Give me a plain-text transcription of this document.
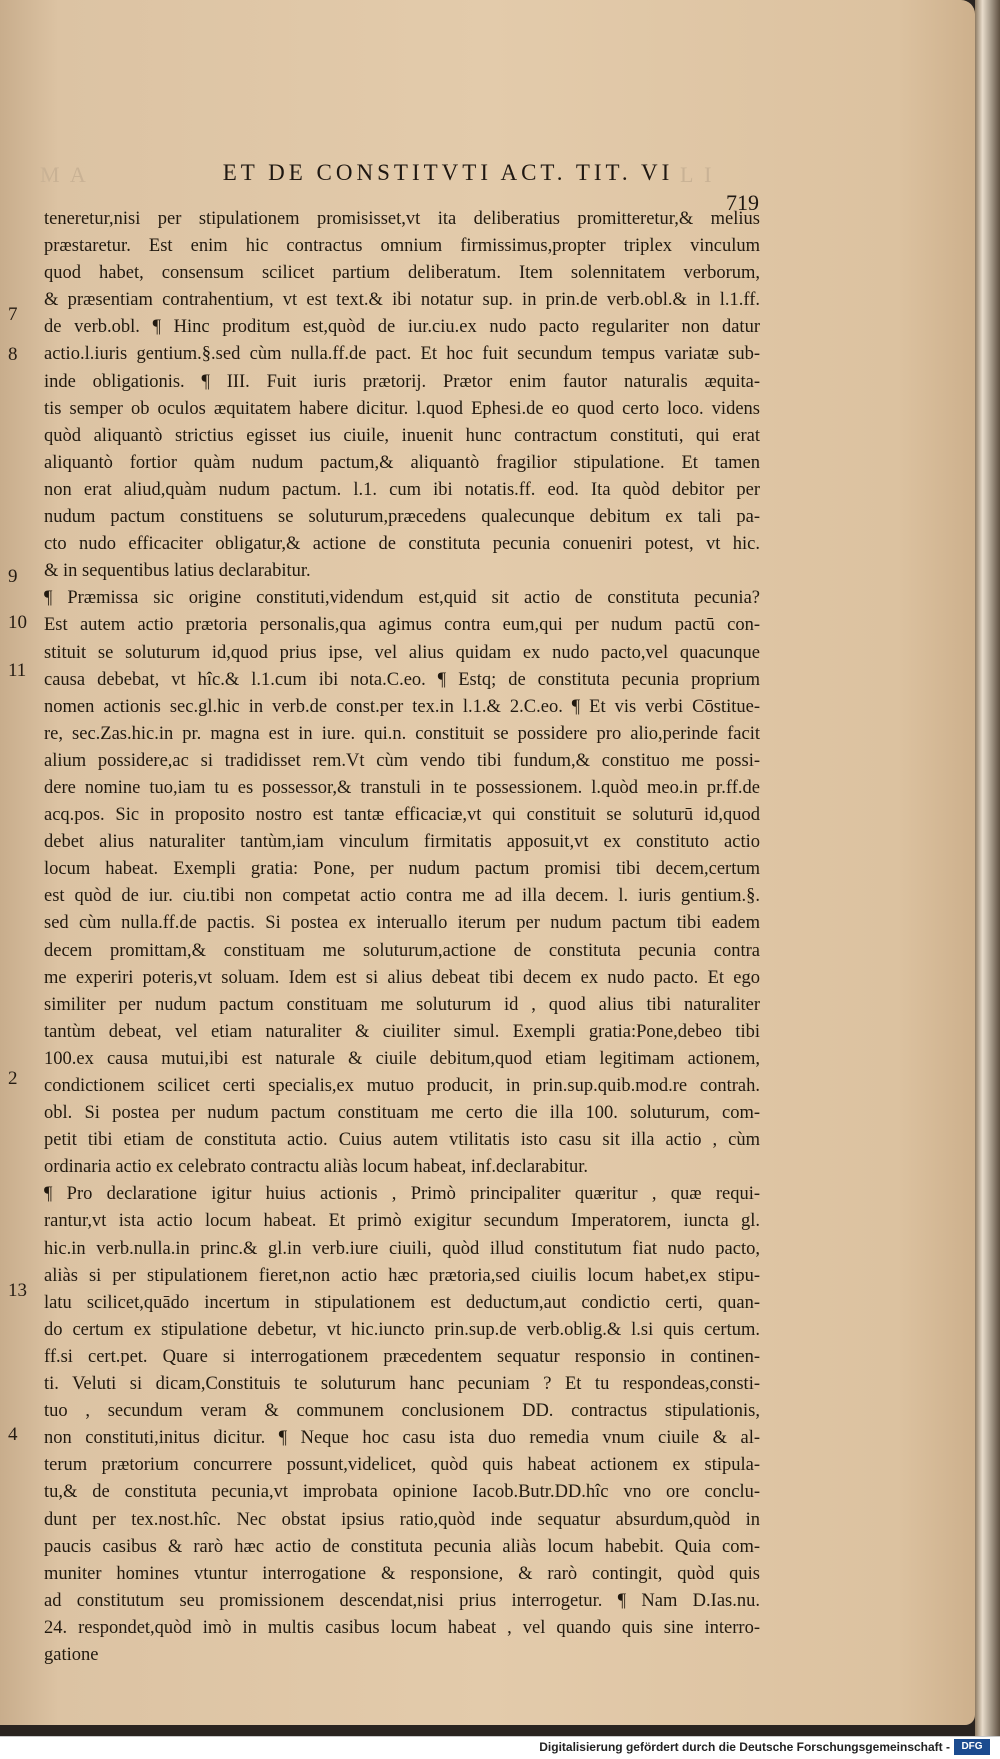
M A	L I
ET DE CONSTITVTI ACT. TIT. VI
719
7
8
9
10
11
2
13
4
teneretur,nisi per stipulationem promisisset,vt ita deliberatius promitteretur,& melius
præstaretur. Est enim hic contractus omnium firmissimus,propter triplex vinculum
quod habet, consensum scilicet partium deliberatum. Item solennitatem verborum,
& præsentiam contrahentium, vt est text.& ibi notatur sup. in prin.de verb.obl.& in l.1.ff.
de verb.obl. ¶ Hinc proditum est,quòd de iur.ciu.ex nudo pacto regulariter non datur
actio.l.iuris gentium.§.sed cùm nulla.ff.de pact. Et hoc fuit secundum tempus variatæ sub-
inde obligationis. ¶ III. Fuit iuris prætorij. Prætor enim fautor naturalis æquita-
tis semper ob oculos æquitatem habere dicitur. l.quod Ephesi.de eo quod certo loco. videns
quòd aliquantò strictius egisset ius ciuile, inuenit hunc contractum constituti, qui erat
aliquantò fortior quàm nudum pactum,& aliquantò fragilior stipulatione. Et tamen
non erat aliud,quàm nudum pactum. l.1. cum ibi notatis.ff. eod. Ita quòd debitor per
nudum pactum constituens se soluturum,præcedens qualecunque debitum ex tali pa-
cto nudo efficaciter obligatur,& actione de constituta pecunia conueniri potest, vt hic.
& in sequentibus latius declarabitur.
¶ Præmissa sic origine constituti,videndum est,quid sit actio de constituta pecunia?
Est autem actio prætoria personalis,qua agimus contra eum,qui per nudum pactū con-
stituit se soluturum id,quod prius ipse, vel alius quidam ex nudo pacto,vel quacunque
causa debebat, vt hîc.& l.1.cum ibi nota.C.eo. ¶ Estq; de constituta pecunia proprium
nomen actionis sec.gl.hic in verb.de const.per tex.in l.1.& 2.C.eo. ¶ Et vis verbi Cōstitue-
re, sec.Zas.hic.in pr. magna est in iure. qui.n. constituit se possidere pro alio,perinde facit
alium possidere,ac si tradidisset rem.Vt cùm vendo tibi fundum,& constituo me possi-
dere nomine tuo,iam tu es possessor,& transtuli in te possessionem. l.quòd meo.in pr.ff.de
acq.pos. Sic in proposito nostro est tantæ efficaciæ,vt qui constituit se soluturū id,quod
debet alius naturaliter tantùm,iam vinculum firmitatis apposuit,vt ex constituto actio
locum habeat. Exempli gratia: Pone, per nudum pactum promisi tibi decem,certum
est quòd de iur. ciu.tibi non competat actio contra me ad illa decem. l. iuris gentium.§.
sed cùm nulla.ff.de pactis. Si postea ex interuallo iterum per nudum pactum tibi eadem
decem promittam,& constituam me soluturum,actione de constituta pecunia contra
me experiri poteris,vt soluam. Idem est si alius debeat tibi decem ex nudo pacto. Et ego
similiter per nudum pactum constituam me soluturum id , quod alius tibi naturaliter
tantùm debeat, vel etiam naturaliter & ciuiliter simul. Exempli gratia:Pone,debeo tibi
100.ex causa mutui,ibi est naturale & ciuile debitum,quod etiam legitimam actionem,
condictionem scilicet certi specialis,ex mutuo producit, in prin.sup.quib.mod.re contrah.
obl. Si postea per nudum pactum constituam me certo die illa 100. soluturum, com-
petit tibi etiam de constituta actio. Cuius autem vtilitatis isto casu sit illa actio , cùm
ordinaria actio ex celebrato contractu aliàs locum habeat, inf.declarabitur.
¶ Pro declaratione igitur huius actionis , Primò principaliter quæritur , quæ requi-
rantur,vt ista actio locum habeat. Et primò exigitur secundum Imperatorem, iuncta gl.
hic.in verb.nulla.in princ.& gl.in verb.iure ciuili, quòd illud constitutum fiat nudo pacto,
aliàs si per stipulationem fieret,non actio hæc prætoria,sed ciuilis locum habet,ex stipu-
latu scilicet,quādo incertum in stipulationem est deductum,aut condictio certi, quan-
do certum ex stipulatione debetur, vt hic.iuncto prin.sup.de verb.oblig.& l.si quis certum.
ff.si cert.pet. Quare si interrogationem præcedentem sequatur responsio in continen-
ti. Veluti si dicam,Constituis te soluturum hanc pecuniam ? Et tu respondeas,consti-
tuo , secundum veram & communem conclusionem DD. contractus stipulationis,
non constituti,initus dicitur. ¶ Neque hoc casu ista duo remedia vnum ciuile & al-
terum prætorium concurrere possunt,videlicet, quòd quis habeat actionem ex stipula-
tu,& de constituta pecunia,vt improbata opinione Iacob.Butr.DD.hîc vno ore conclu-
dunt per tex.nost.hîc. Nec obstat ipsius ratio,quòd inde sequatur absurdum,quòd in
paucis casibus & rarò hæc actio de constituta pecunia aliàs locum habebit. Quia com-
muniter homines vtuntur interrogatione & responsione, & rarò contingit, quòd quis
ad constitutum seu promissionem descendat,nisi prius interrogetur. ¶ Nam D.Ias.nu.
24. respondet,quòd imò in multis casibus locum habeat , vel quando quis sine interro-
gatione
Digitalisierung gefördert durch die Deutsche Forschungsgemeinschaft -	DFG
